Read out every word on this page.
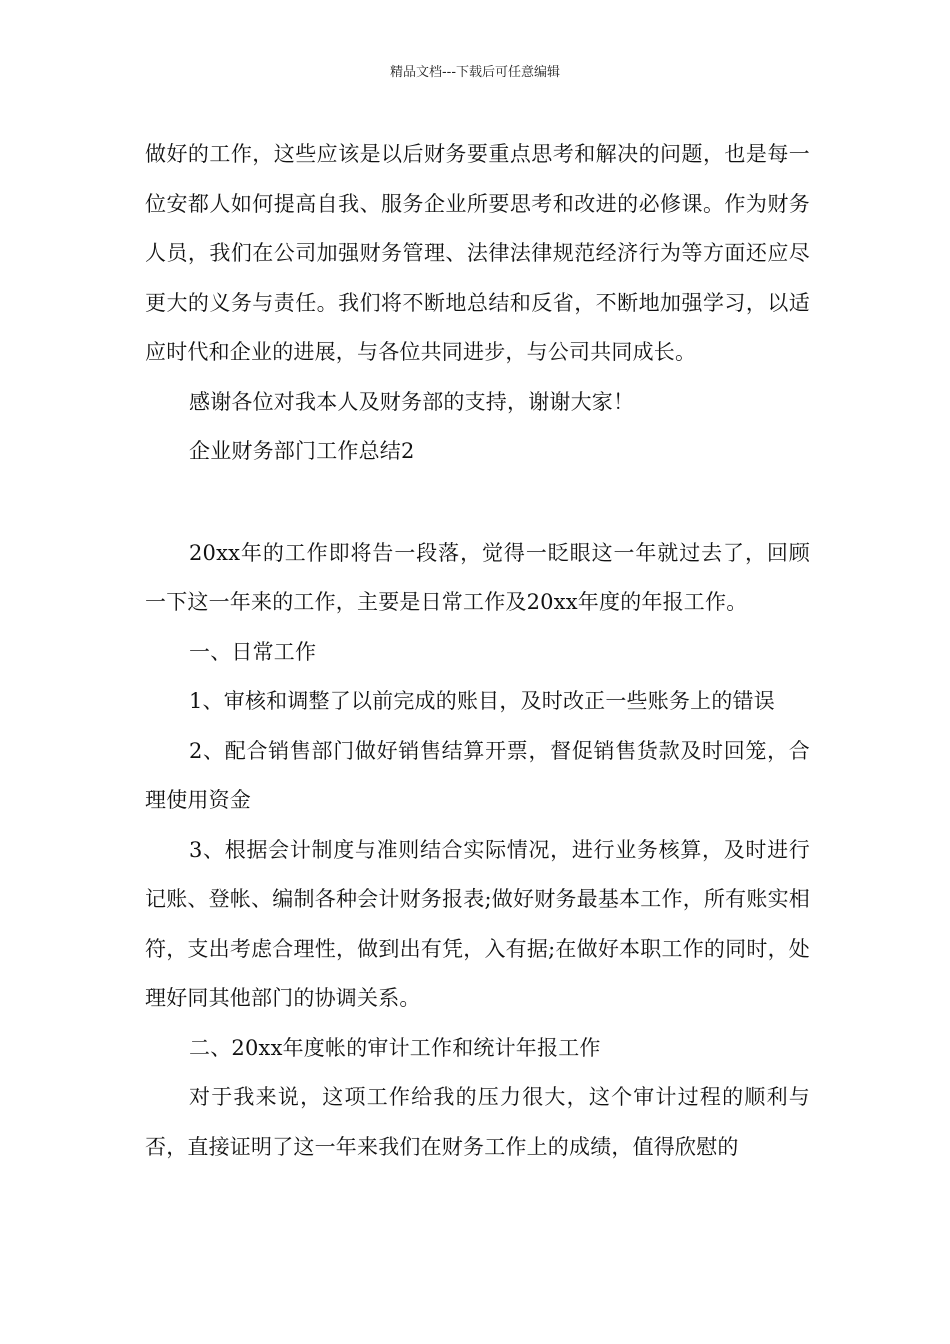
精品文档---下载后可任意编辑

做好的工作，这些应该是以后财务要重点思考和解决的问题，也是每一位安都人如何提高自我、服务企业所要思考和改进的必修课。作为财务人员，我们在公司加强财务管理、法律法律规范经济行为等方面还应尽更大的义务与责任。我们将不断地总结和反省，不断地加强学习，以适应时代和企业的进展，与各位共同进步，与公司共同成长。

感谢各位对我本人及财务部的支持，谢谢大家！

企业财务部门工作总结2

20xx年的工作即将告一段落，觉得一眨眼这一年就过去了，回顾一下这一年来的工作，主要是日常工作及20xx年度的年报工作。

一、日常工作

1、审核和调整了以前完成的账目，及时改正一些账务上的错误

2、配合销售部门做好销售结算开票，督促销售货款及时回笼，合理使用资金

3、根据会计制度与准则结合实际情况，进行业务核算，及时进行记账、登帐、编制各种会计财务报表;做好财务最基本工作，所有账实相符，支出考虑合理性，做到出有凭，入有据;在做好本职工作的同时，处理好同其他部门的协调关系。

二、20xx年度帐的审计工作和统计年报工作

对于我来说，这项工作给我的压力很大，这个审计过程的顺利与否，直接证明了这一年来我们在财务工作上的成绩，值得欣慰的
